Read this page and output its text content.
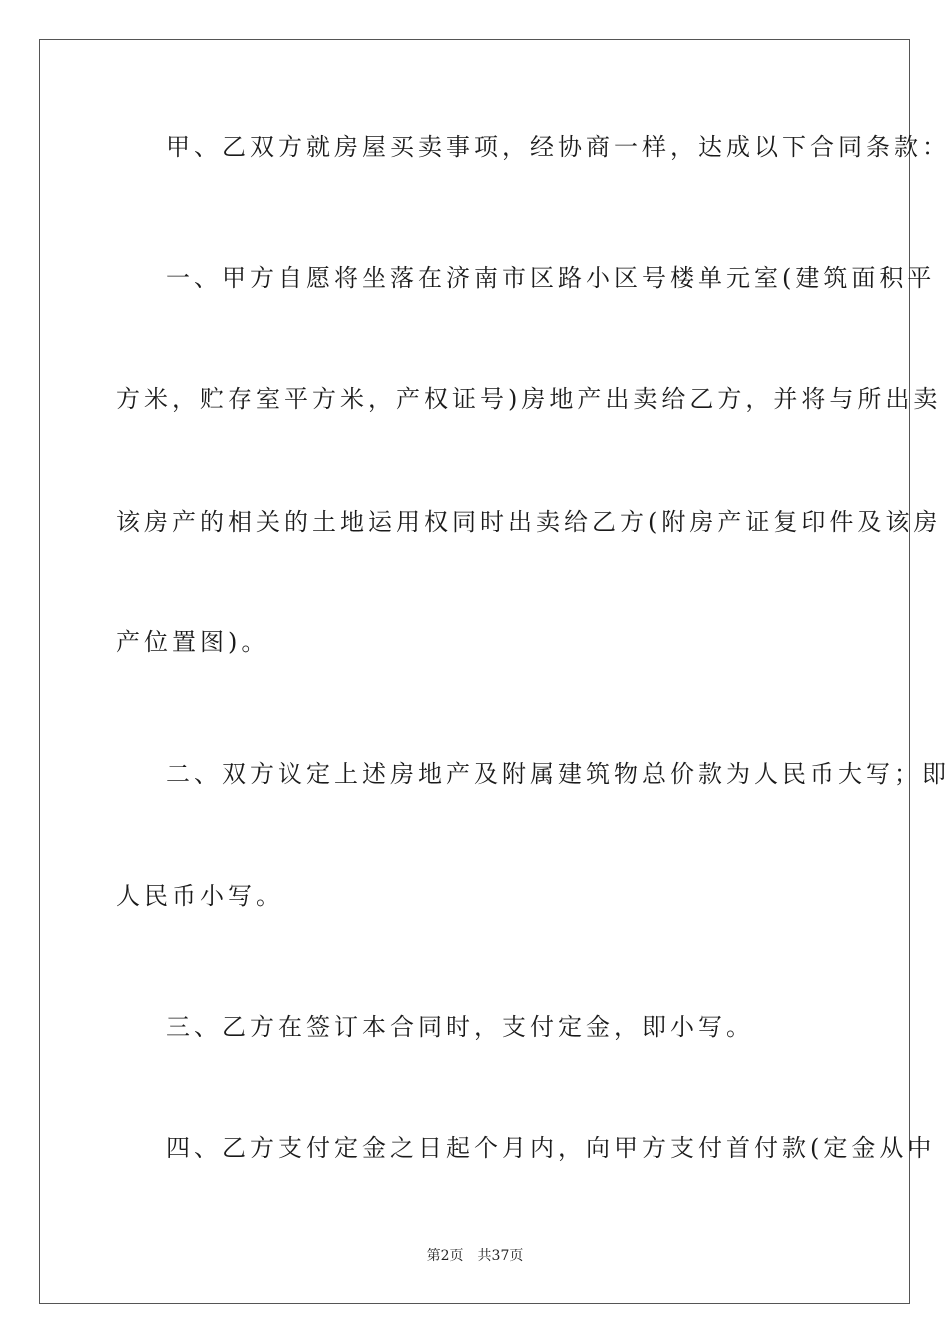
甲、乙双方就房屋买卖事项，经协商一样，达成以下合同条款：
一、甲方自愿将坐落在济南市区路小区号楼单元室(建筑面积平
方米，贮存室平方米，产权证号)房地产出卖给乙方，并将与所出卖
该房产的相关的土地运用权同时出卖给乙方(附房产证复印件及该房
产位置图)。
二、双方议定上述房地产及附属建筑物总价款为人民币大写；即
人民币小写。
三、乙方在签订本合同时，支付定金，即小写。
四、乙方支付定金之日起个月内，向甲方支付首付款(定金从中
第2页 共37页
